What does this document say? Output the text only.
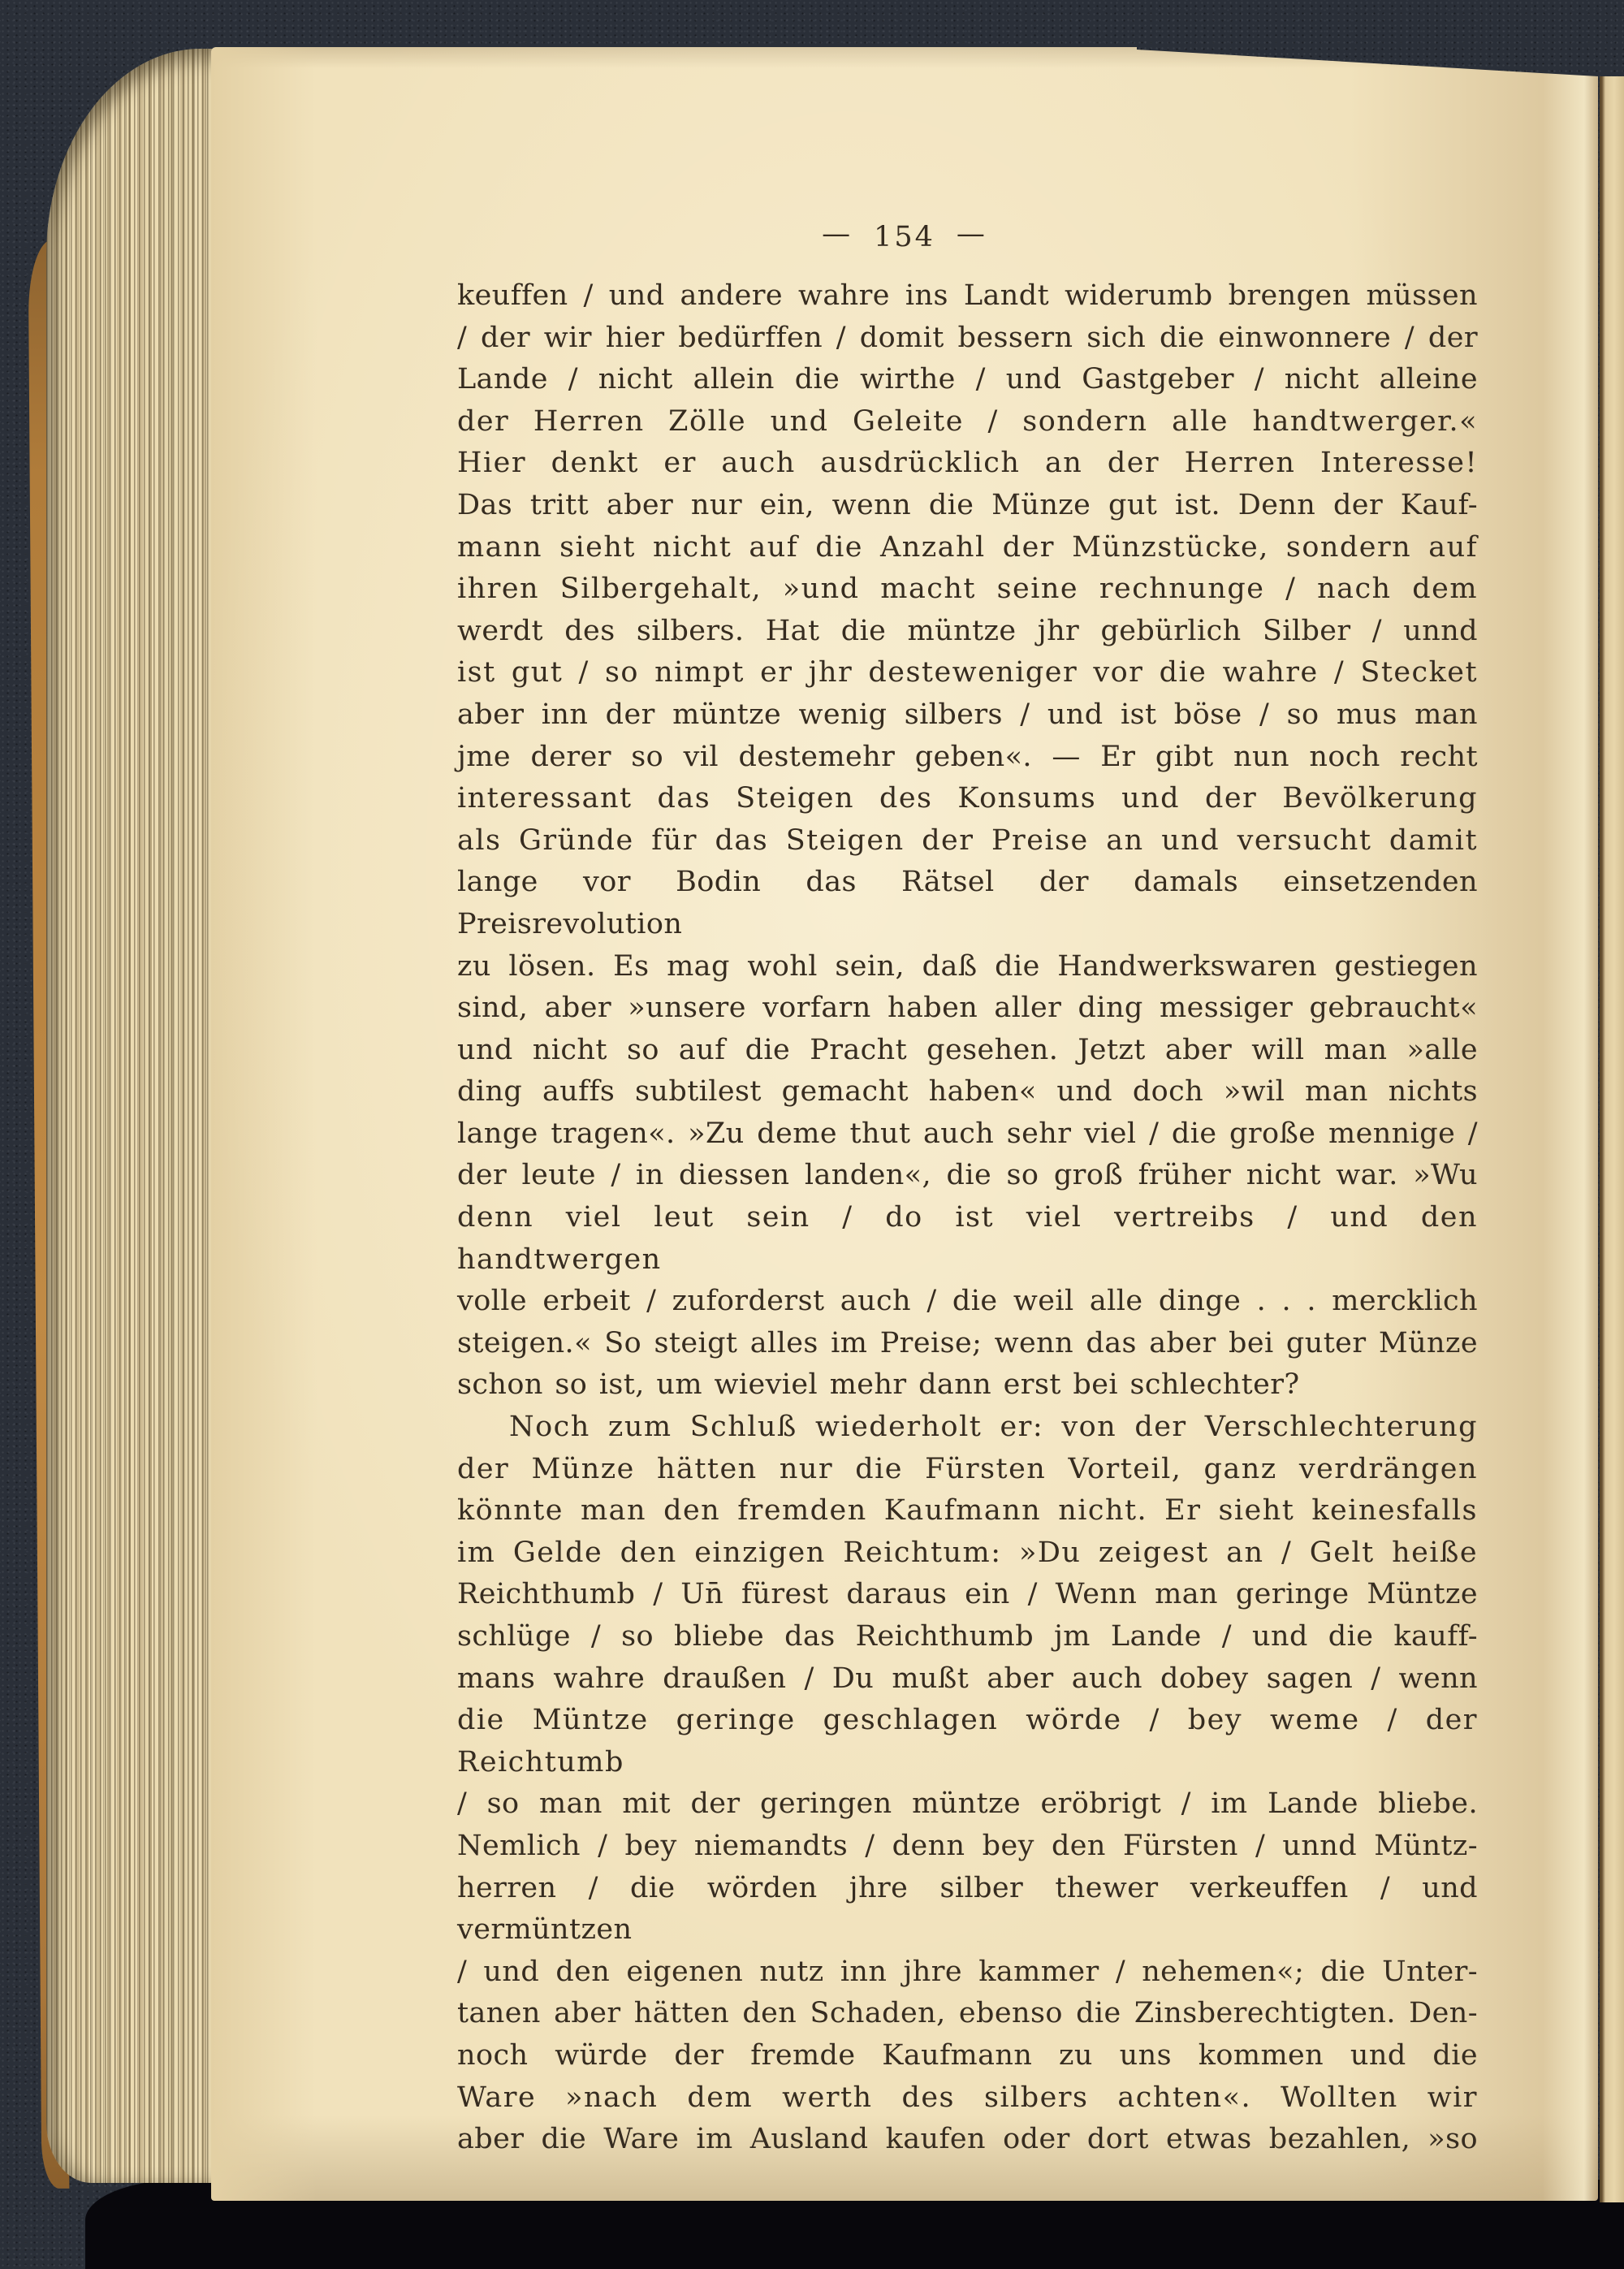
— 154 —
keuffen / und andere wahre ins Landt widerumb brengen müssen
/ der wir hier bedürffen / domit bessern sich die einwonnere / der
Lande / nicht allein die wirthe / und Gastgeber / nicht alleine
der Herren Zölle und Geleite / sondern alle handtwerger.«
Hier denkt er auch ausdrücklich an der Herren Interesse!
Das tritt aber nur ein, wenn die Münze gut ist. Denn der Kauf-
mann sieht nicht auf die Anzahl der Münzstücke, sondern auf
ihren Silbergehalt, »und macht seine rechnunge / nach dem
werdt des silbers. Hat die müntze jhr gebürlich Silber / unnd
ist gut / so nimpt er jhr desteweniger vor die wahre / Stecket
aber inn der müntze wenig silbers / und ist böse / so mus man
jme derer so vil destemehr geben«. — Er gibt nun noch recht
interessant das Steigen des Konsums und der Bevölkerung
als Gründe für das Steigen der Preise an und versucht damit
lange vor Bodin das Rätsel der damals einsetzenden Preisrevolution
zu lösen. Es mag wohl sein, daß die Handwerkswaren gestiegen
sind, aber »unsere vorfarn haben aller ding messiger gebraucht«
und nicht so auf die Pracht gesehen. Jetzt aber will man »alle
ding auffs subtilest gemacht haben« und doch »wil man nichts
lange tragen«. »Zu deme thut auch sehr viel / die große mennige /
der leute / in diessen landen«, die so groß früher nicht war. »Wu
denn viel leut sein / do ist viel vertreibs / und den handtwergen
volle erbeit / zuforderst auch / die weil alle dinge . . . mercklich
steigen.« So steigt alles im Preise; wenn das aber bei guter Münze
schon so ist, um wieviel mehr dann erst bei schlechter?
Noch zum Schluß wiederholt er: von der Verschlechterung
der Münze hätten nur die Fürsten Vorteil, ganz verdrängen
könnte man den fremden Kaufmann nicht. Er sieht keinesfalls
im Gelde den einzigen Reichtum: »Du zeigest an / Gelt heiße
Reichthumb / Un̄ fürest daraus ein / Wenn man geringe Müntze
schlüge / so bliebe das Reichthumb jm Lande / und die kauff-
mans wahre draußen / Du mußt aber auch dobey sagen / wenn
die Müntze geringe geschlagen wörde / bey weme / der Reichtumb
/ so man mit der geringen müntze eröbrigt / im Lande bliebe.
Nemlich / bey niemandts / denn bey den Fürsten / unnd Müntz-
herren / die wörden jhre silber thewer verkeuffen / und vermüntzen
/ und den eigenen nutz inn jhre kammer / nehemen«; die Unter-
tanen aber hätten den Schaden, ebenso die Zinsberechtigten. Den-
noch würde der fremde Kaufmann zu uns kommen und die
Ware »nach dem werth des silbers achten«. Wollten wir
aber die Ware im Ausland kaufen oder dort etwas bezahlen, »so
